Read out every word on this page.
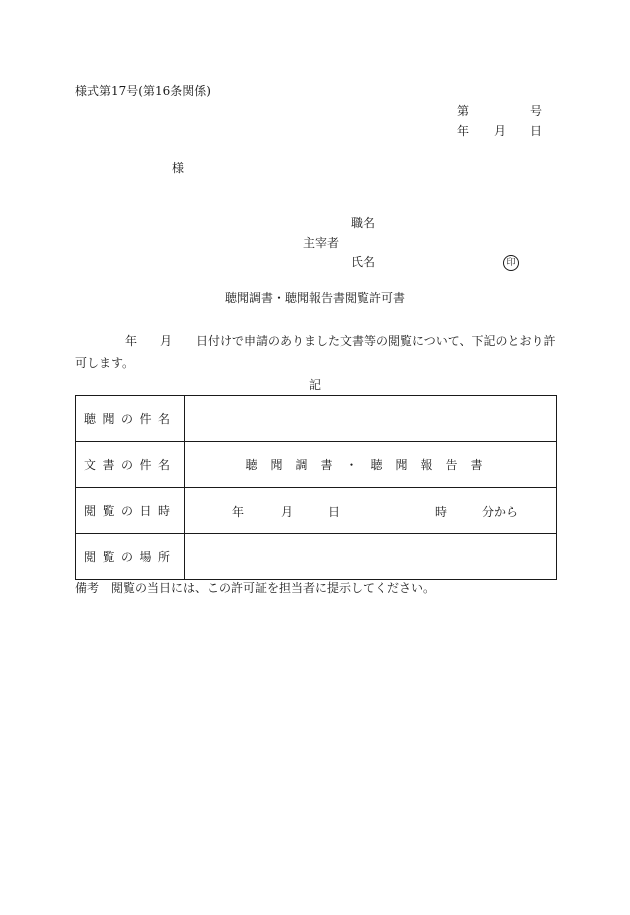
様式第17号(第16条関係)
第	号
年 月 日
様
職名
主宰者
氏名	印
聴聞調書・聴聞報告書閲覧許可書
年 月 日付けで申請のありました文書等の閲覧について、下記のとおり許
可します。
記
聴聞の件名	
文書の件名	聴聞調書・聴聞報告書
閲覧の日時	年 月 日 時 分から

閲覧の場所	
備考　閲覧の当日には、この許可証を担当者に提示してください。
